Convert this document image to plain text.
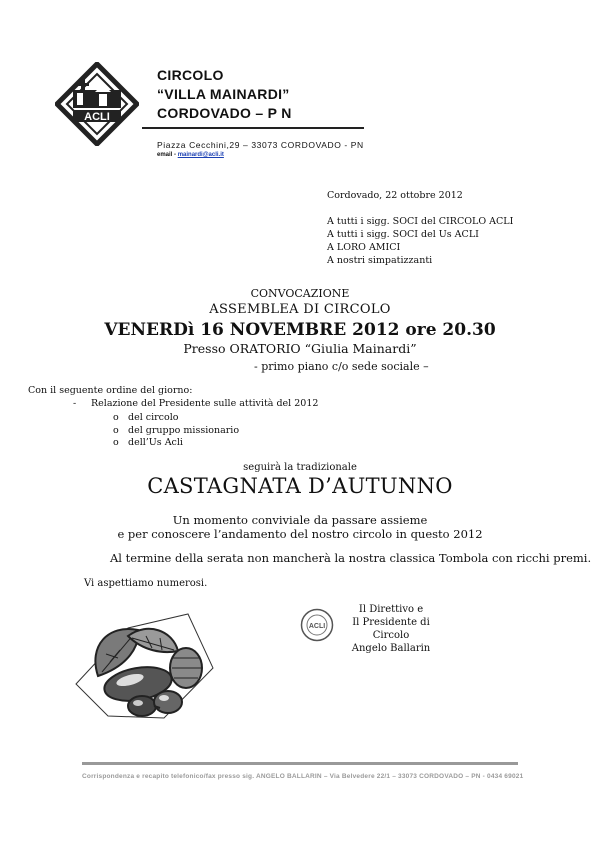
ACLI
CIRCOLO
“VILLA MAINARDI”
CORDOVADO – P N
Piazza Cecchini,29 – 33073 CORDOVADO - PN
email - mainardi@acli.it
Cordovado, 22 ottobre 2012
A tutti i sigg. SOCI del CIRCOLO ACLI
A tutti i sigg. SOCI del Us ACLI
A LORO AMICI
A nostri simpatizzanti
CONVOCAZIONE
ASSEMBLEA DI CIRCOLO
VENERDì 16 NOVEMBRE 2012 ore 20.30
Presso ORATORIO “Giulia Mainardi”
- primo piano c/o sede sociale –
Con il seguente ordine del giorno:
- Relazione del Presidente sulle attività del 2012
o del circolo
o del gruppo missionario
o dell’Us Acli
seguirà la tradizionale
CASTAGNATA D’AUTUNNO
Un momento conviviale da passare assieme
e per conoscere l’andamento del nostro circolo in questo 2012
Al termine della serata non mancherà la nostra classica Tombola con ricchi premi.
Vi aspettiamo numerosi.
ACLI
Il Direttivo e
Il Presidente di Circolo
Angelo Ballarin
Corrispondenza e recapito telefonico/fax presso sig. ANGELO BALLARIN – Via Belvedere 22/1 – 33073 CORDOVADO – PN - 0434 69021
